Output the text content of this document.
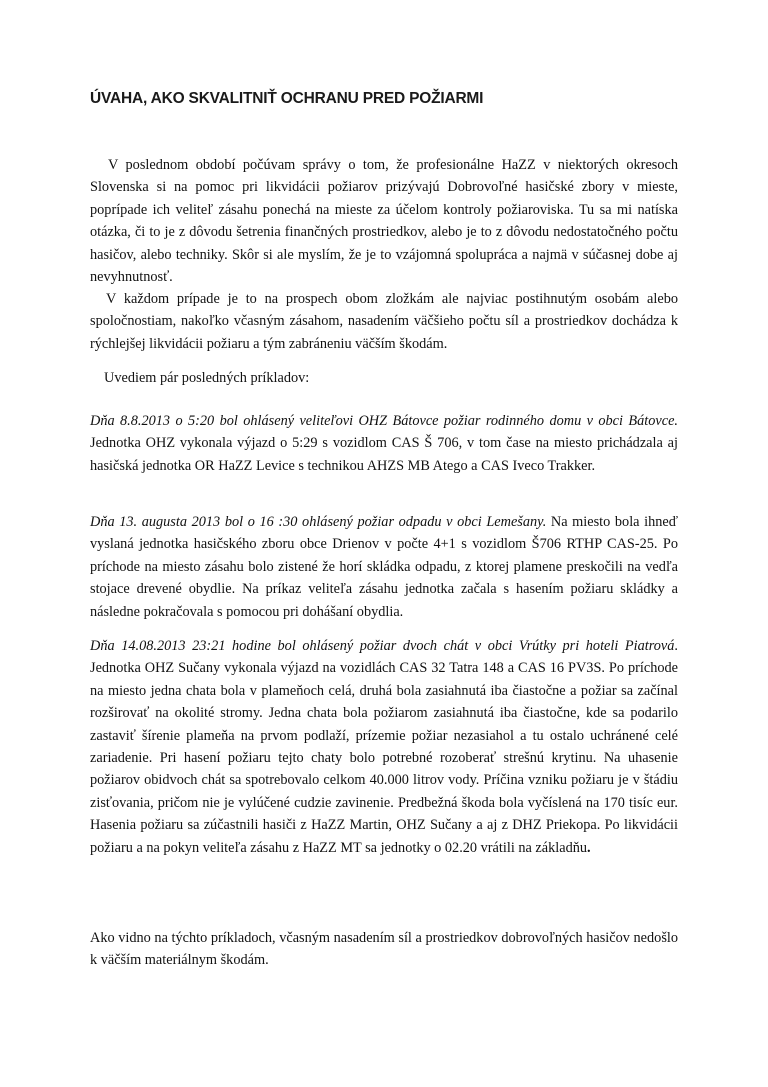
ÚVAHA, AKO SKVALITNIŤ OCHRANU PRED POŽIARMI

V poslednom období počúvam správy o tom, že profesionálne HaZZ v niektorých okresoch Slovenska si na pomoc pri likvidácii požiarov prizývajú Dobrovoľné hasičské zbory v mieste, poprípade ich veliteľ zásahu ponechá na mieste za účelom kontroly požiaroviska. Tu sa mi natíska otázka, či to je z dôvodu šetrenia finančných prostriedkov, alebo je to z dôvodu nedostatočného počtu hasičov, alebo techniky. Skôr si ale myslím, že je to vzájomná spolupráca a najmä v súčasnej dobe aj nevyhnutnosť.

V každom prípade je to na prospech obom zložkám ale najviac postihnutým osobám alebo spoločnostiam, nakoľko včasným zásahom, nasadením väčšieho počtu síl a prostriedkov dochádza k rýchlejšej likvidácii požiaru a tým zabráneniu väčším škodám.

Uvediem pár posledných príkladov:

Dňa 8.8.2013 o 5:20 bol ohlásený veliteľovi OHZ Bátovce požiar rodinného domu v obci Bátovce. Jednotka OHZ vykonala výjazd o 5:29 s vozidlom CAS Š 706, v tom čase na miesto prichádzala aj hasičská jednotka OR HaZZ Levice s technikou AHZS MB Atego a CAS Iveco Trakker.

Dňa 13. augusta 2013 bol o 16 :30 ohlásený požiar odpadu v obci Lemešany. Na miesto bola ihneď vyslaná jednotka hasičského zboru obce Drienov v počte 4+1 s vozidlom Š706 RTHP CAS-25. Po príchode na miesto zásahu bolo zistené že horí skládka odpadu, z ktorej plamene preskočili na vedľa stojace drevené obydlie. Na príkaz veliteľa zásahu jednotka začala s hasením požiaru skládky a následne pokračovala s pomocou pri dohášaní obydlia.

Dňa 14.08.2013 23:21 hodine bol ohlásený požiar dvoch chát v obci Vrútky pri hoteli Piatrová. Jednotka OHZ Sučany vykonala výjazd na vozidlách CAS 32 Tatra 148 a CAS 16 PV3S. Po príchode na miesto jedna chata bola v plameňoch celá, druhá bola zasiahnutá iba čiastočne a požiar sa začínal rozširovať na okolité stromy. Jedna chata bola požiarom zasiahnutá iba čiastočne, kde sa podarilo zastaviť šírenie plameňa na prvom podlaží, prízemie požiar nezasiahol a tu ostalo uchránené celé zariadenie. Pri hasení požiaru tejto chaty bolo potrebné rozoberať strešnú krytinu. Na uhasenie požiarov obidvoch chát sa spotrebovalo celkom 40.000 litrov vody. Príčina vzniku požiaru je v štádiu zisťovania, pričom nie je vylúčené cudzie zavinenie. Predbežná škoda bola vyčíslená na 170 tisíc eur. Hasenia požiaru sa zúčastnili hasiči z HaZZ Martin, OHZ Sučany a aj z DHZ Priekopa. Po likvidácii požiaru a na pokyn veliteľa zásahu z HaZZ MT sa jednotky o 02.20 vrátili na základňu.

Ako vidno na týchto príkladoch, včasným nasadením síl a prostriedkov dobrovoľných hasičov nedošlo k väčším materiálnym škodám.
